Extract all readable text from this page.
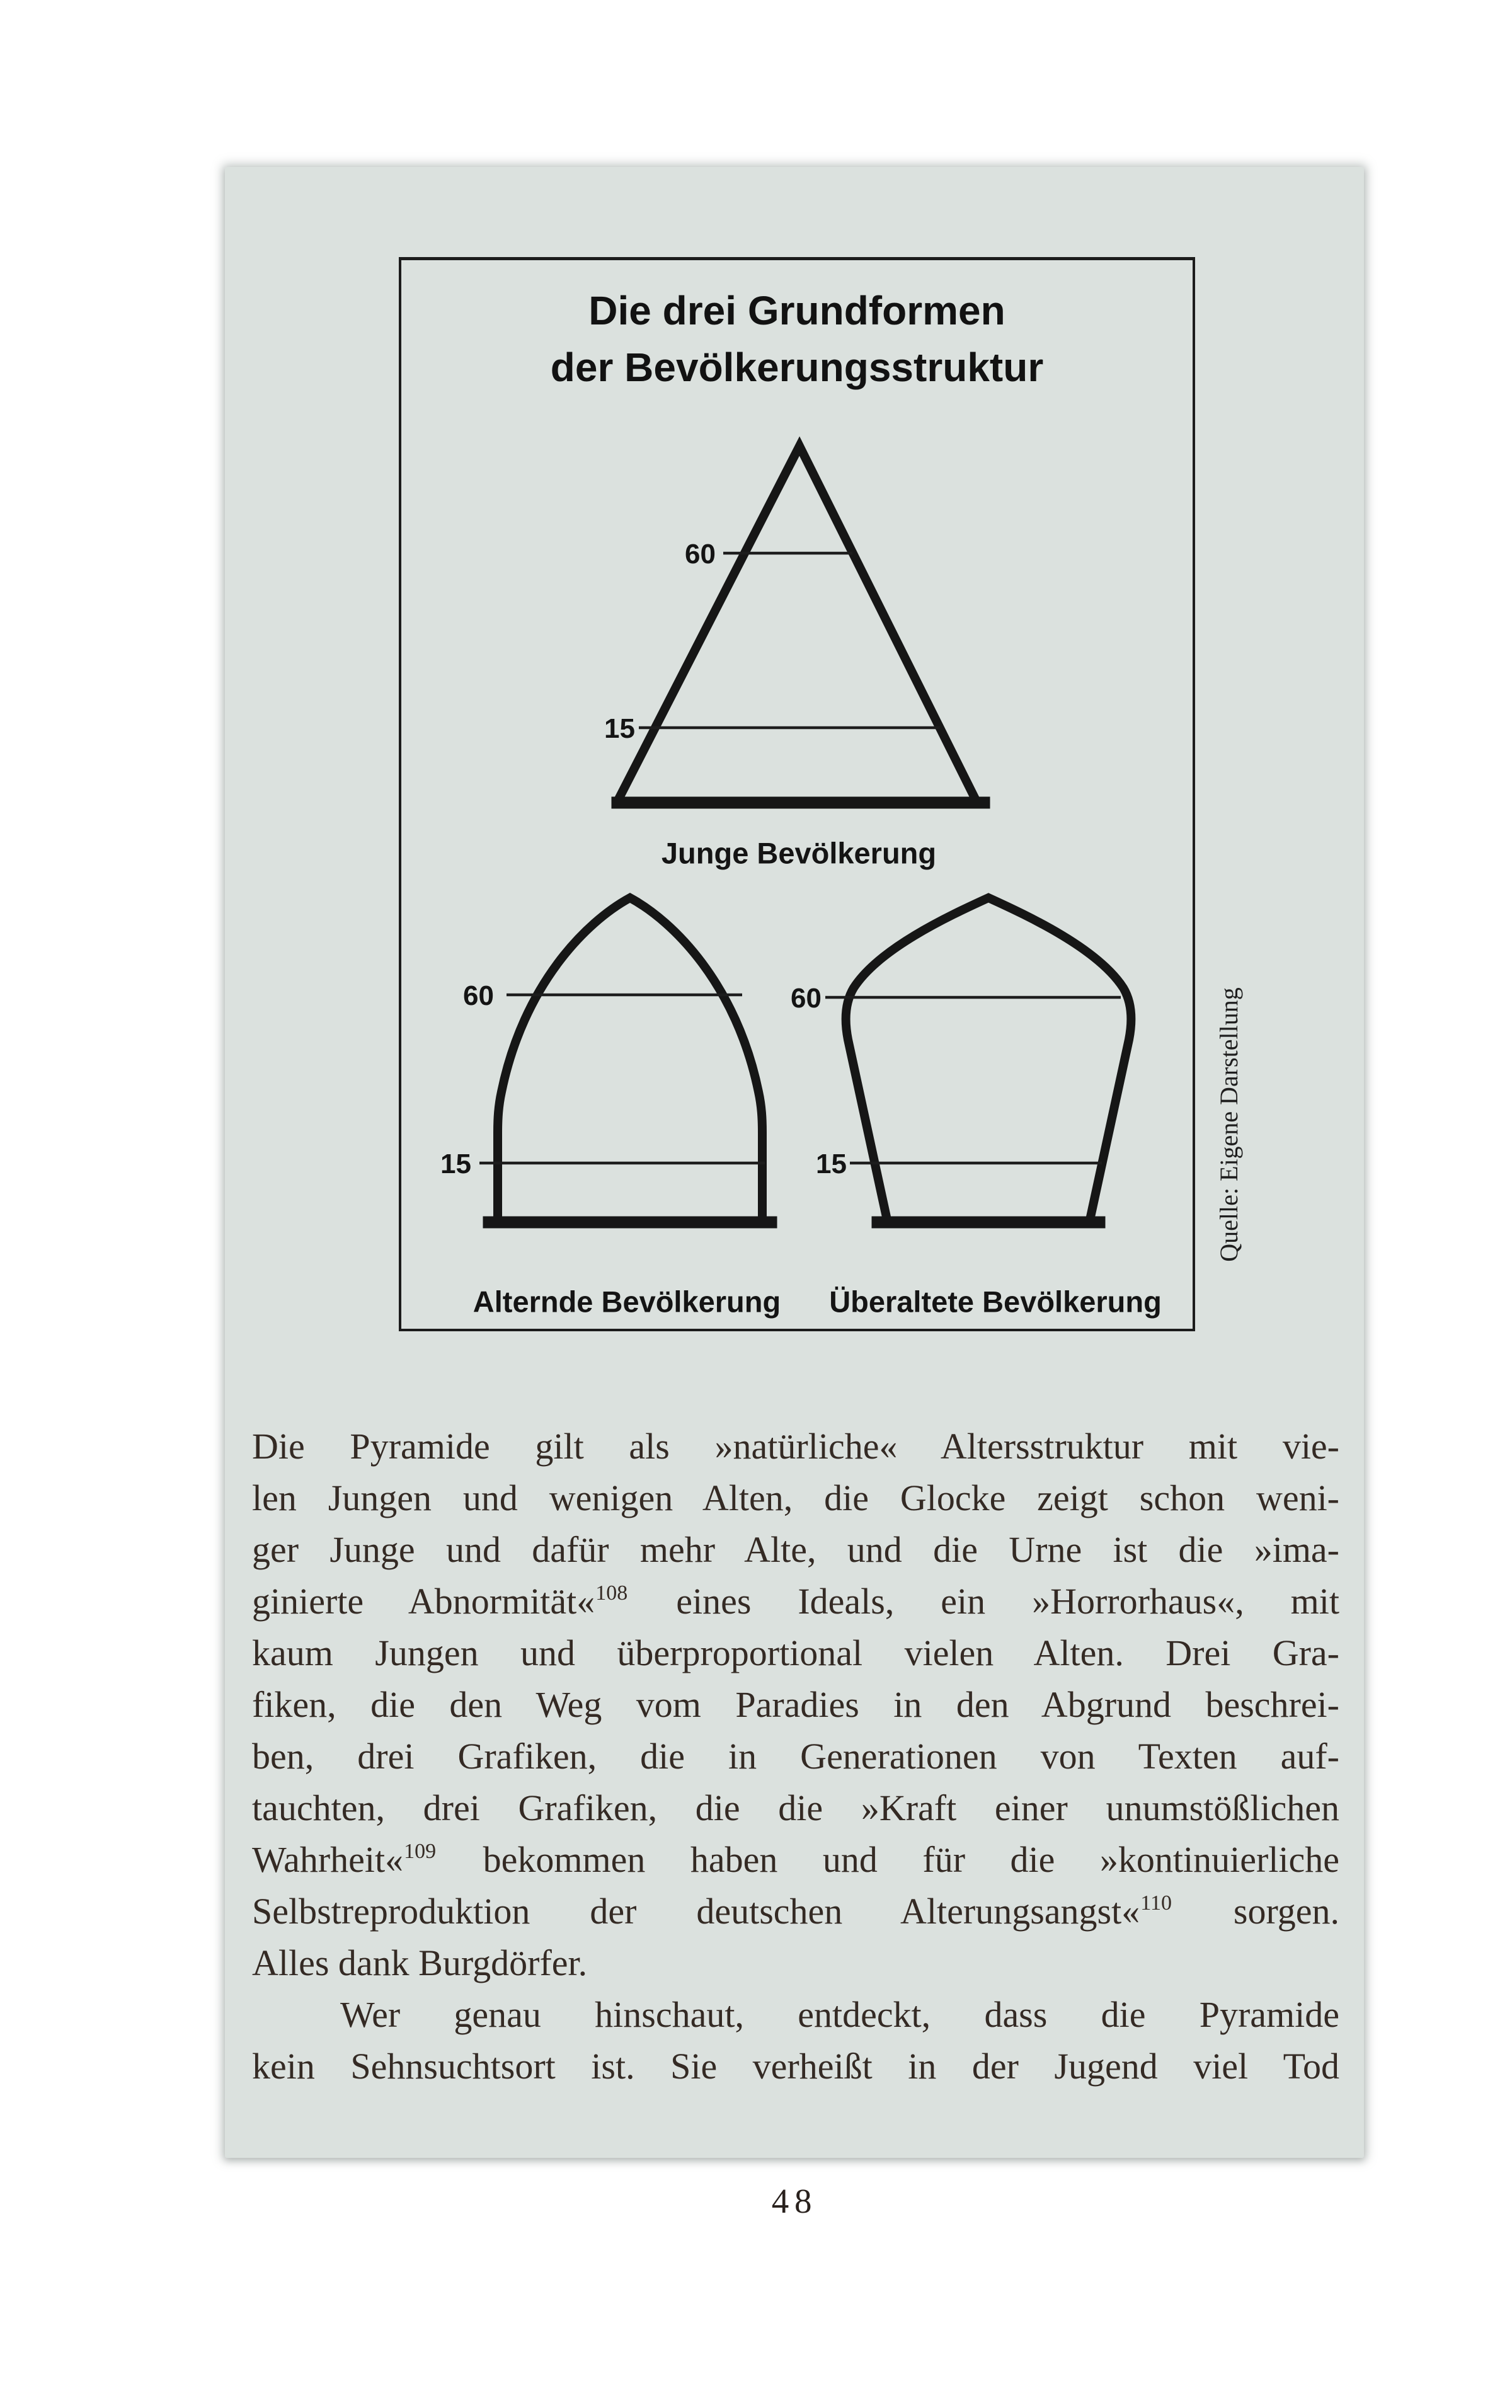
Die drei Grundformen
der Bevölkerungsstruktur
60
15
60
15
60
15
Junge Bevölkerung
Alternde Bevölkerung Überaltete Bevölkerung
Quelle: Eigene Darstellung
Die Pyramide gilt als »natürliche« Altersstruktur mit vie-
len Jungen und wenigen Alten, die Glocke zeigt schon weni-
ger Junge und dafür mehr Alte, und die Urne ist die »ima-
ginierte Abnormität«$^{108}$ eines Ideals, ein »Horrorhaus«, mit
kaum Jungen und überproportional vielen Alten. Drei Gra-
fiken, die den Weg vom Paradies in den Abgrund beschrei-
ben, drei Grafiken, die in Generationen von Texten auf-
tauchten, drei Grafiken, die die »Kraft einer unumstößlichen
Wahrheit«$^{109}$ bekommen haben und für die »kontinuierliche
Selbstreproduktion der deutschen Alterungsangst«$^{110}$ sorgen.
Alles dank Burgdörfer.
Wer genau hinschaut, entdeckt, dass die Pyramide
kein Sehnsuchtsort ist. Sie verheißt in der Jugend viel Tod
48
